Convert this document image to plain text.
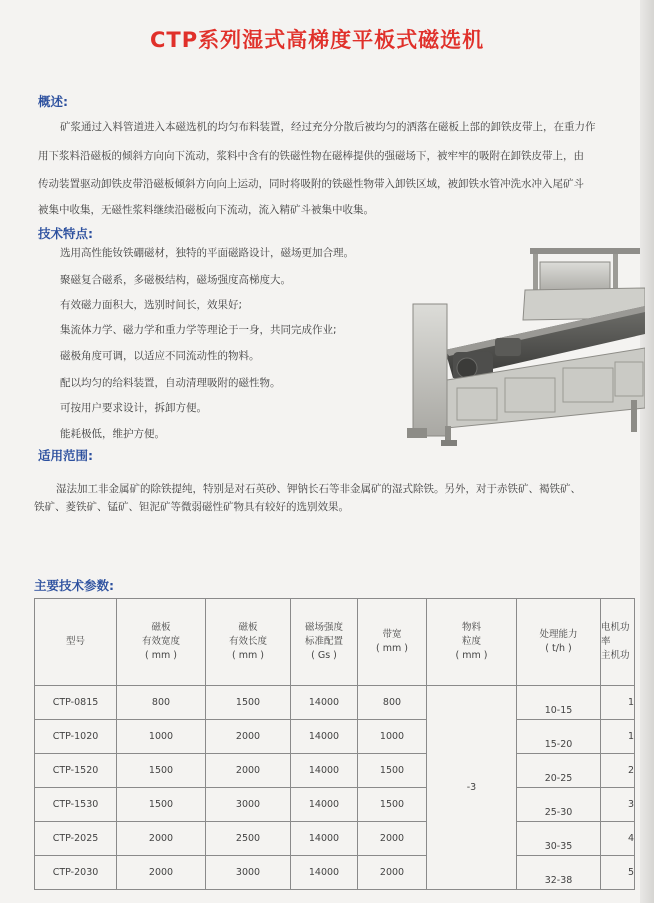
CTP系列湿式高梯度平板式磁选机
概述:
矿浆通过入料管道进入本磁选机的均匀布料装置，经过充分分散后被均匀的洒落在磁板上部的卸铁皮带上，在重力作
用下浆料沿磁板的倾斜方向向下流动，浆料中含有的铁磁性物在磁棒提供的强磁场下，被牢牢的吸附在卸铁皮带上，由
传动装置驱动卸铁皮带沿磁板倾斜方向向上运动，同时将吸附的铁磁性物带入卸铁区域，被卸铁水管冲洗水冲入尾矿斗
被集中收集，无磁性浆料继续沿磁板向下流动，流入精矿斗被集中收集。
技术特点:
选用高性能钕铁硼磁材，独特的平面磁路设计，磁场更加合理。
聚磁复合磁系，多磁极结构，磁场强度高梯度大。
有效磁力面积大，选别时间长，效果好;
集流体力学、磁力学和重力学等理论于一身，共同完成作业;
磁极角度可调，以适应不同流动性的物料。
配以均匀的给料装置，自动清理吸附的磁性物。
可按用户要求设计，拆卸方便。
能耗极低，维护方便。
适用范围:
湿法加工非金属矿的除铁提纯，特别是对石英砂、钾钠长石等非金属矿的湿式除铁。另外，对于赤铁矿、褐铁矿、
铁矿、菱铁矿、锰矿、钽泥矿等微弱磁性矿物具有较好的选别效果。
主要技术参数:
型号	磁板
有效宽度
( mm )	磁板
有效长度
( mm )	磁场强度
标准配置
( Gs )	带宽
( mm )	物料
粒度
( mm )	处理能力
( t/h )	电机功率
主机功
CTP-0815	800	1500	14000	800	-3	10-15	1
CTP-1020	1000	2000	14000	1000		15-20	1
CTP-1520	1500	2000	14000	1500		20-25	2
CTP-1530	1500	3000	14000	1500		25-30	3
CTP-2025	2000	2500	14000	2000		30-35	4
CTP-2030	2000	3000	14000	2000		32-38	5
